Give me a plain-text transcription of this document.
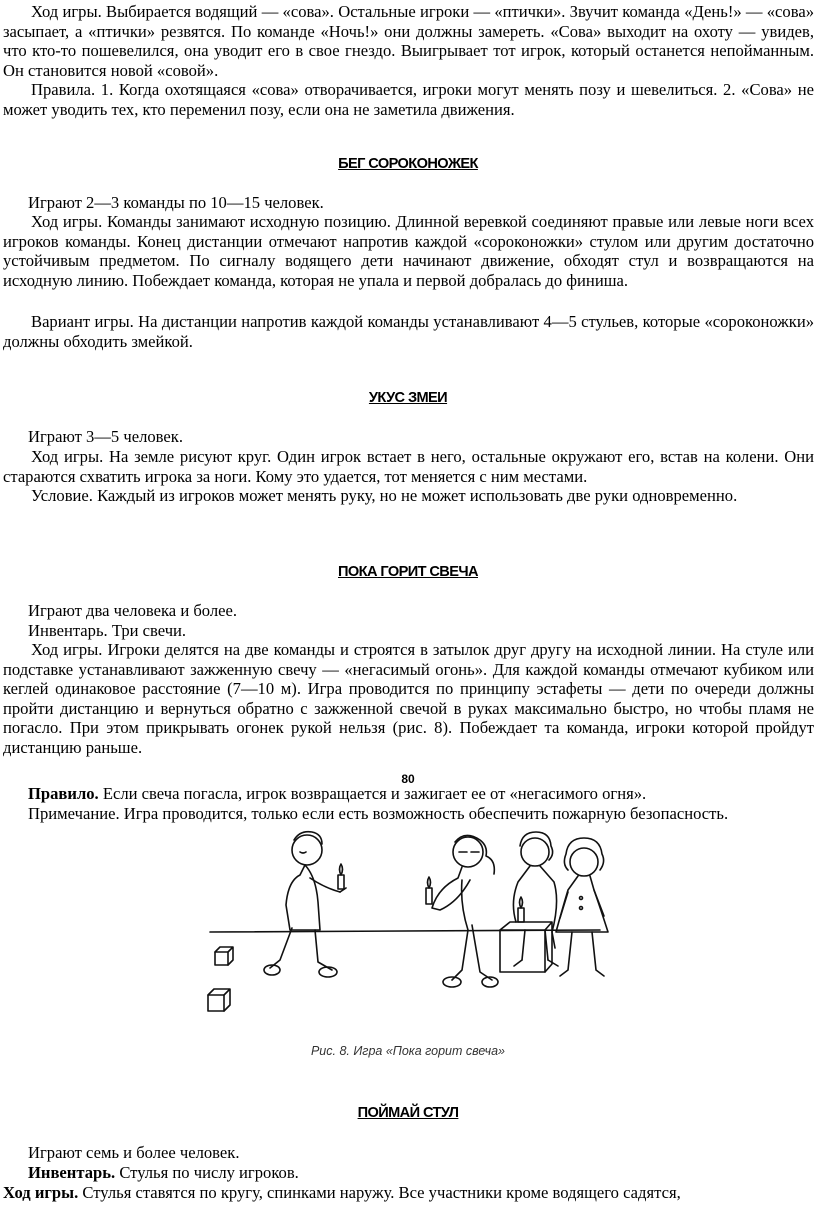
Ход игры. Выбирается водящий — «сова». Остальные игроки — «птички». Звучит команда «День!» — «сова» засыпает, а «птички» резвятся. По команде «Ночь!» они должны замереть. «Сова» выходит на охоту — увидев, что кто-то пошевелился, она уводит его в свое гнездо. Выигрывает тот игрок, который останется непойманным. Он становится новой «совой».

Правила. 1. Когда охотящаяся «сова» отворачивается, игроки могут менять позу и шевелиться. 2. «Сова» не может уводить тех, кто переменил позу, если она не заметила движения.

БЕГ СОРОКОНОЖЕК

Играют 2—3 команды по 10—15 человек.

Ход игры. Команды занимают исходную позицию. Длинной веревкой соединяют правые или левые ноги всех игроков команды. Конец дистанции отмечают напротив каждой «сороконожки» стулом или другим достаточно устойчивым предметом. По сигналу водящего дети начинают движение, обходят стул и возвращаются на исходную линию. Побеждает команда, которая не упала и первой добралась до финиша.

Вариант игры. На дистанции напротив каждой команды устанавливают 4—5 стульев, которые «сороконожки» должны обходить змейкой.

УКУС ЗМЕИ

Играют 3—5 человек.

Ход игры. На земле рисуют круг. Один игрок встает в него, остальные окружают его, встав на колени. Они стараются схватить игрока за ноги. Кому это удается, тот меняется с ним местами.

Условие. Каждый из игроков может менять руку, но не может использовать две руки одновременно.

ПОКА ГОРИТ СВЕЧА

Играют два человека и более.

Инвентарь. Три свечи.

Ход игры. Игроки делятся на две команды и строятся в затылок друг другу на исходной линии. На стуле или подставке устанавливают зажженную свечу — «негасимый огонь». Для каждой команды отмечают кубиком или кеглей одинаковое расстояние (7—10 м). Игра проводится по принципу эстафеты — дети по очереди должны пройти дистанцию и вернуться обратно с зажженной свечой в руках максимально быстро, но чтобы пламя не погасло. При этом прикрывать огонек рукой нельзя (рис. 8). Побеждает та команда, игроки которой пройдут дистанцию раньше.

80

Правило. Если свеча погасла, игрок возвращается и зажигает ее от «негасимого огня».

Примечание. Игра проводится, только если есть возможность обеспечить пожарную безопасность.

Рис. 8. Игра «Пока горит свеча»

ПОЙМАЙ СТУЛ

Играют семь и более человек.

Инвентарь. Стулья по числу игроков.

Ход игры. Стулья ставятся по кругу, спинками наружу. Все участники кроме водящего садятся,
